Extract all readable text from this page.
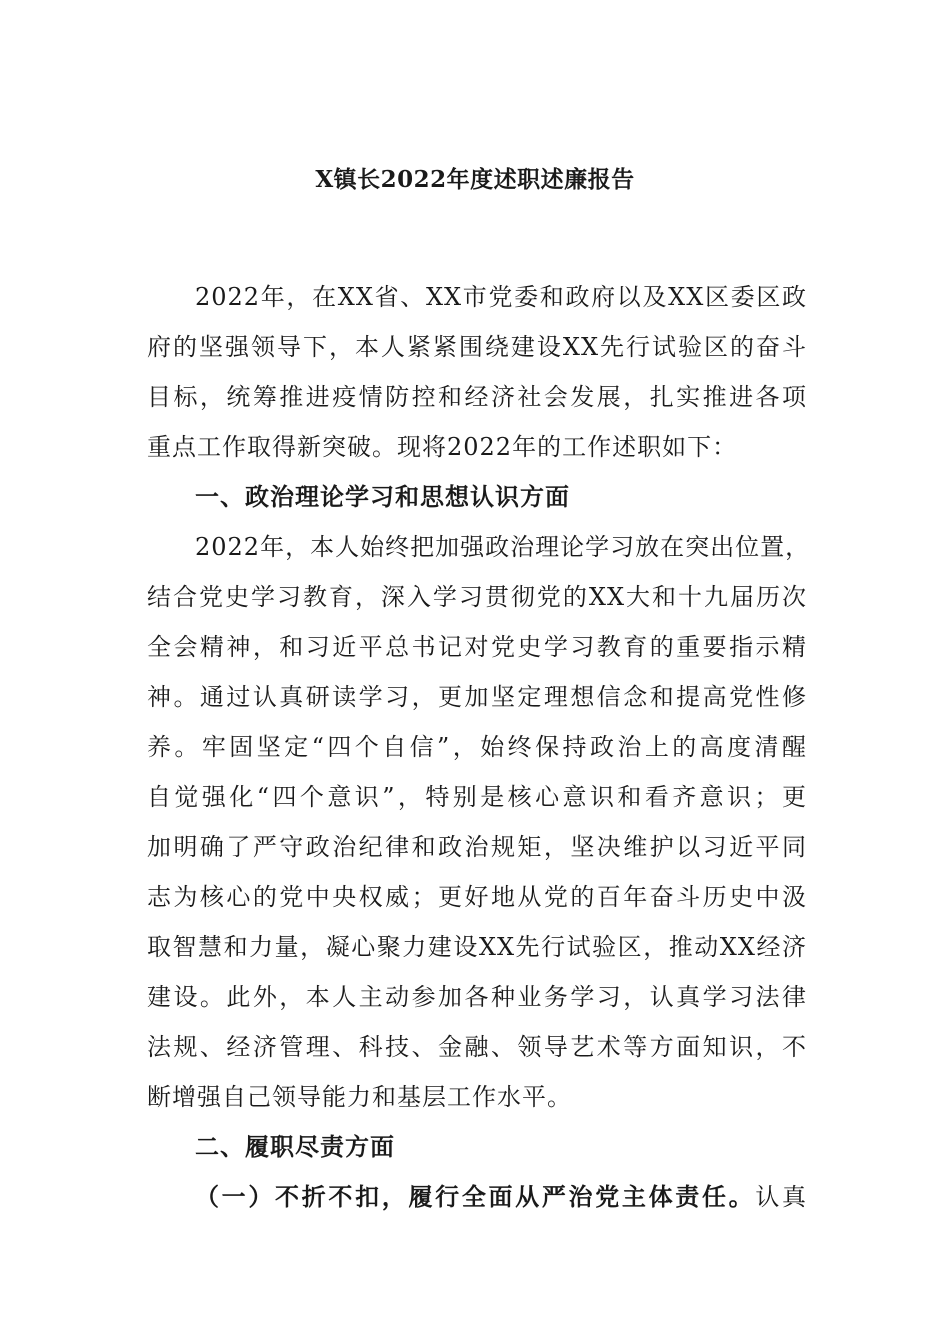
X镇长2022年度述职述廉报告
2022年，在XX省、XX市党委和政府以及XX区委区政
府的坚强领导下，本人紧紧围绕建设XX先行试验区的奋斗
目标，统筹推进疫情防控和经济社会发展，扎实推进各项
重点工作取得新突破。现将2022年的工作述职如下：
一、政治理论学习和思想认识方面
2022年，本人始终把加强政治理论学习放在突出位置，
结合党史学习教育，深入学习贯彻党的XX大和十九届历次
全会精神，和习近平总书记对党史学习教育的重要指示精
神。通过认真研读学习，更加坚定理想信念和提高党性修
养。牢固坚定“四个自信”，始终保持政治上的高度清醒
自觉强化“四个意识”，特别是核心意识和看齐意识；更
加明确了严守政治纪律和政治规矩，坚决维护以习近平同
志为核心的党中央权威；更好地从党的百年奋斗历史中汲
取智慧和力量，凝心聚力建设XX先行试验区，推动XX经济
建设。此外，本人主动参加各种业务学习，认真学习法律
法规、经济管理、科技、金融、领导艺术等方面知识，不
断增强自己领导能力和基层工作水平。
二、履职尽责方面
（一）不折不扣，履行全面从严治党主体责任。认真
